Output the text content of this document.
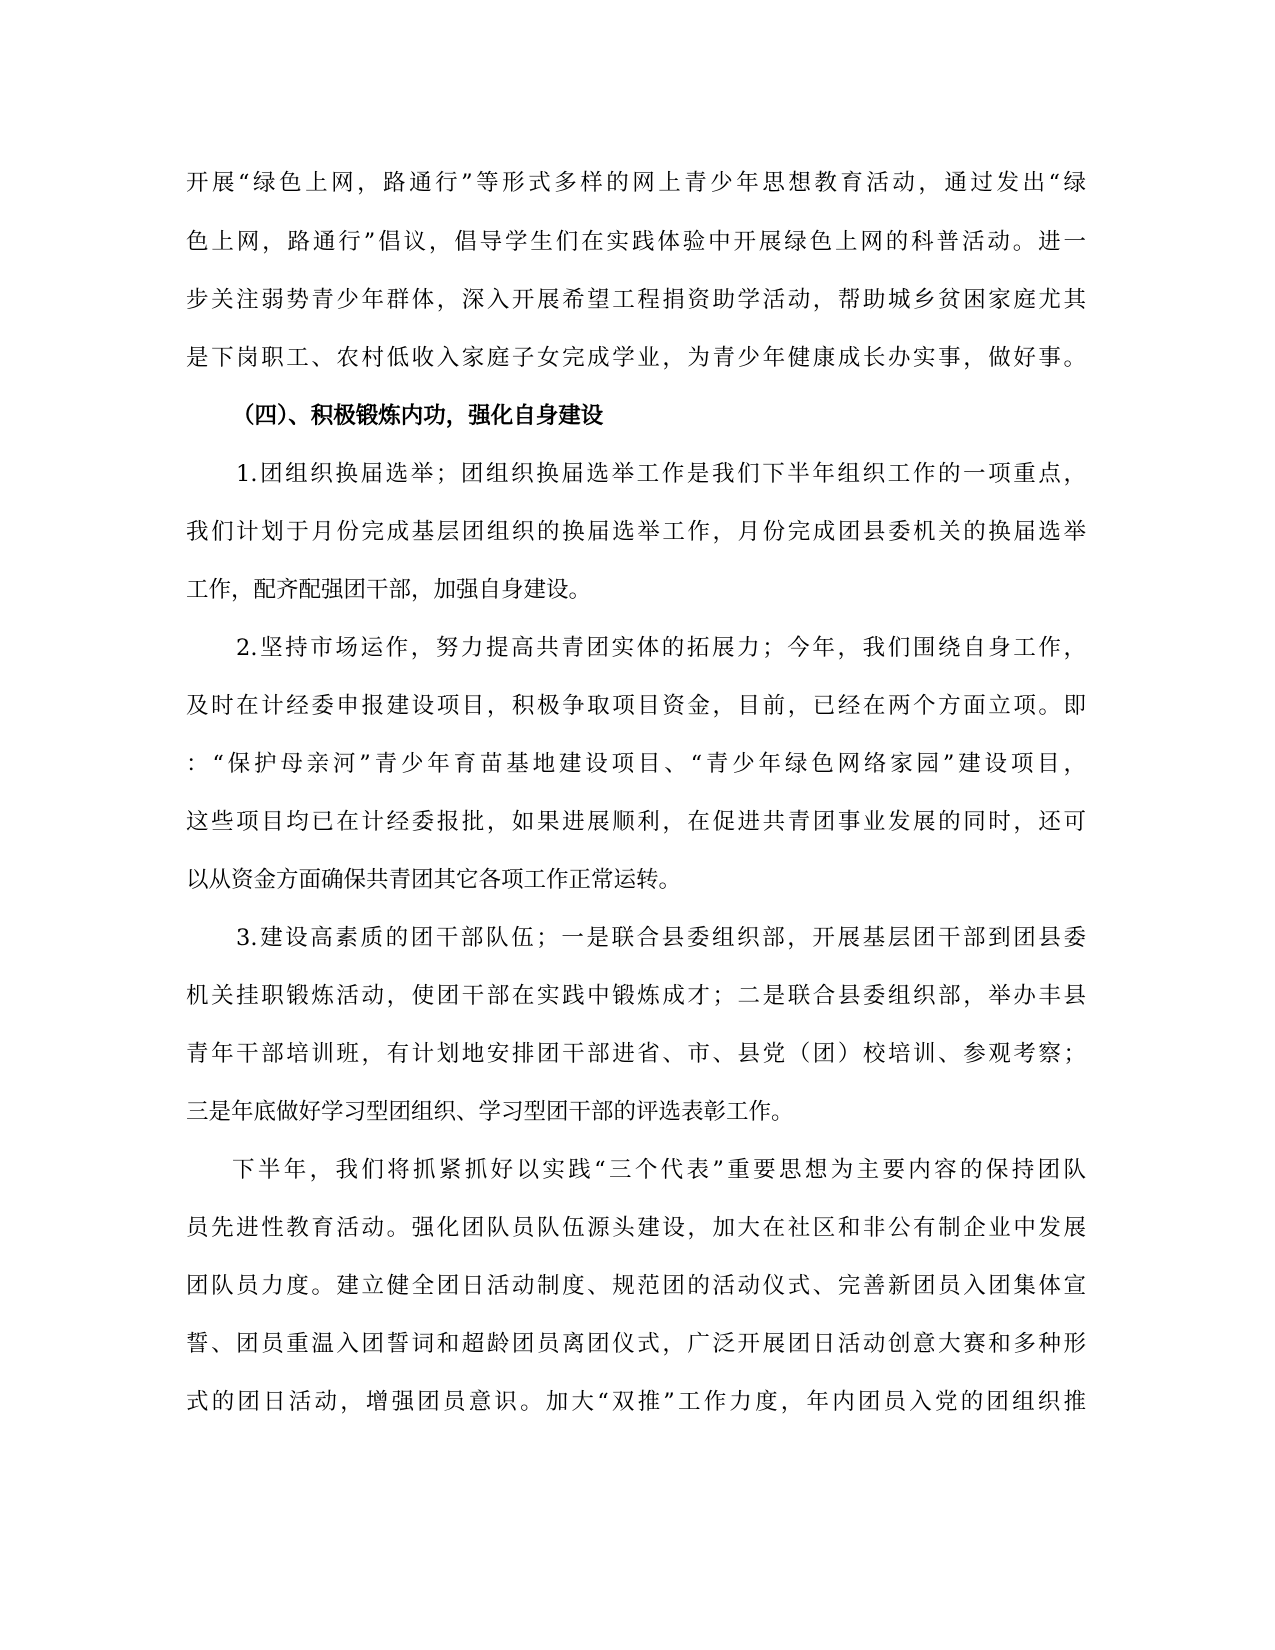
开展“绿色上网，路通行”等形式多样的网上青少年思想教育活动，通过发出“绿
色上网，路通行”倡议，倡导学生们在实践体验中开展绿色上网的科普活动。进一
步关注弱势青少年群体，深入开展希望工程捐资助学活动，帮助城乡贫困家庭尤其
是下岗职工、农村低收入家庭子女完成学业，为青少年健康成长办实事，做好事。
（四）、积极锻炼内功，强化自身建设
1.团组织换届选举；团组织换届选举工作是我们下半年组织工作的一项重点，
我们计划于月份完成基层团组织的换届选举工作，月份完成团县委机关的换届选举
工作，配齐配强团干部，加强自身建设。
2.坚持市场运作，努力提高共青团实体的拓展力；今年，我们围绕自身工作，
及时在计经委申报建设项目，积极争取项目资金，目前，已经在两个方面立项。即
：“保护母亲河”青少年育苗基地建设项目、“青少年绿色网络家园”建设项目，
这些项目均已在计经委报批，如果进展顺利，在促进共青团事业发展的同时，还可
以从资金方面确保共青团其它各项工作正常运转。
3.建设高素质的团干部队伍；一是联合县委组织部，开展基层团干部到团县委
机关挂职锻炼活动，使团干部在实践中锻炼成才；二是联合县委组织部，举办丰县
青年干部培训班，有计划地安排团干部进省、市、县党（团）校培训、参观考察；
三是年底做好学习型团组织、学习型团干部的评选表彰工作。
下半年，我们将抓紧抓好以实践“三个代表”重要思想为主要内容的保持团队
员先进性教育活动。强化团队员队伍源头建设，加大在社区和非公有制企业中发展
团队员力度。建立健全团日活动制度、规范团的活动仪式、完善新团员入团集体宣
誓、团员重温入团誓词和超龄团员离团仪式，广泛开展团日活动创意大赛和多种形
式的团日活动，增强团员意识。加大“双推”工作力度，年内团员入党的团组织推
